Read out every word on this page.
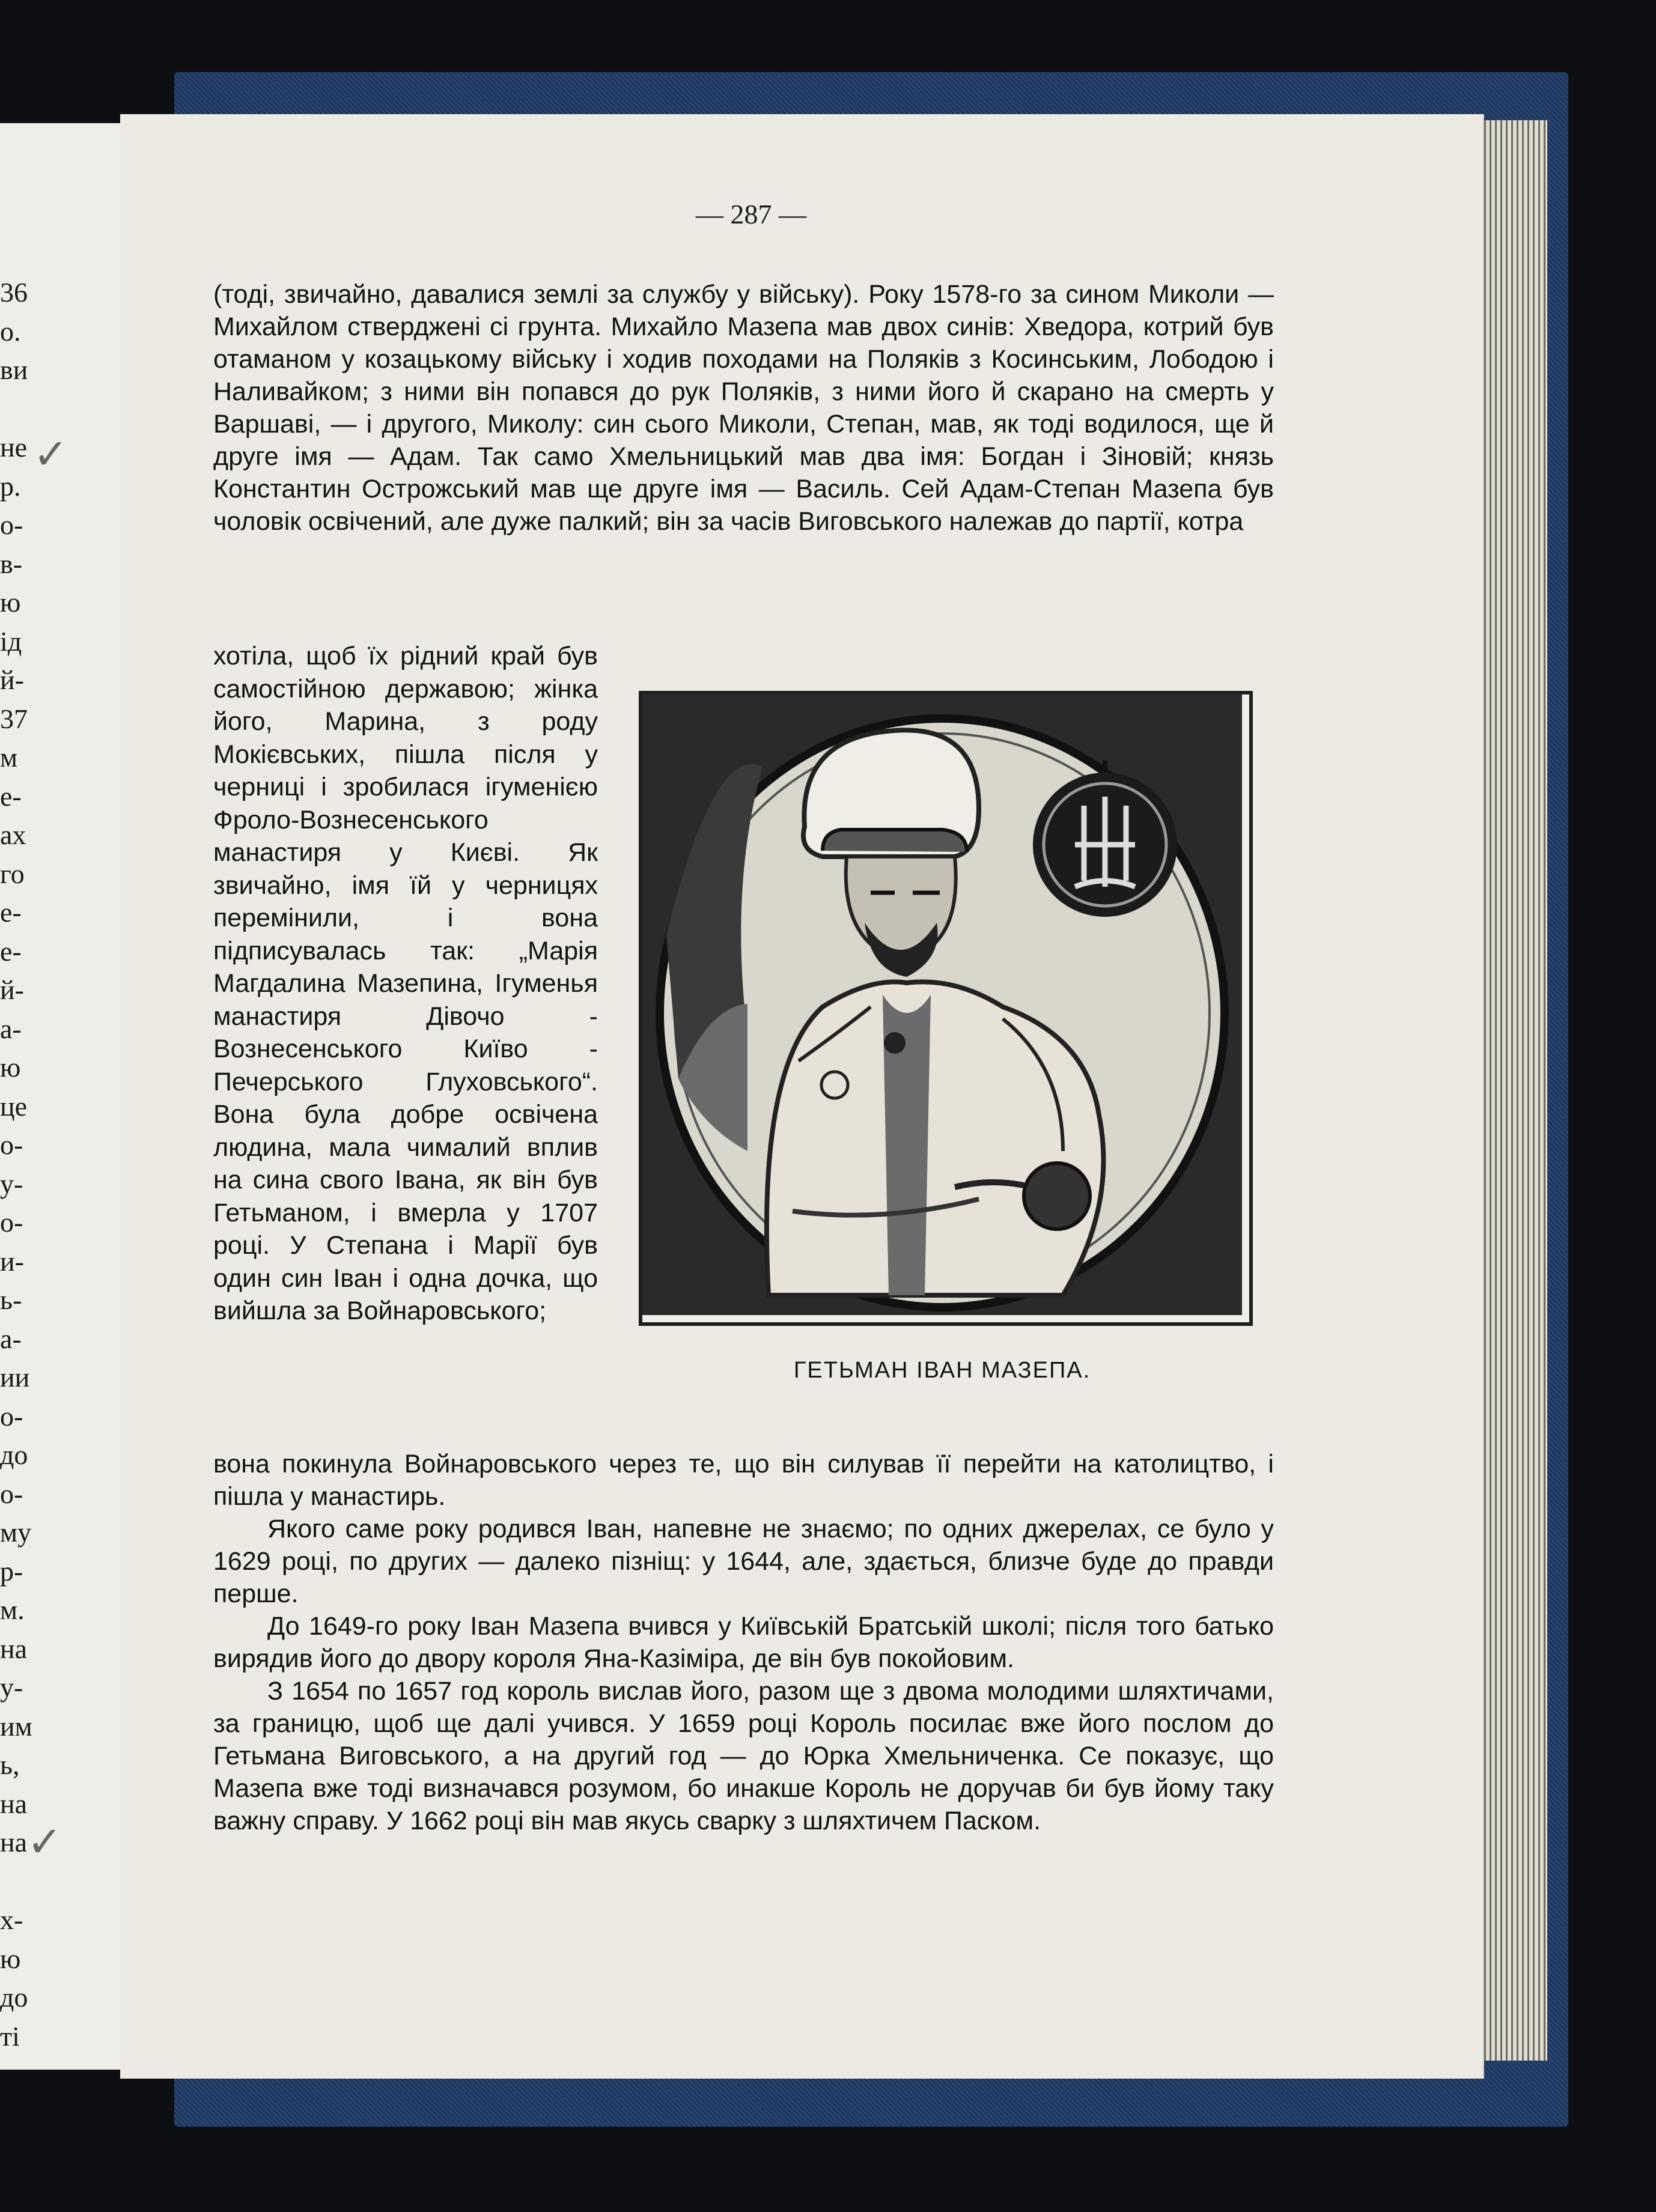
36
о.
ви

не
р.
о-
в-
ю
ід
й-
37
м
е-
ах
го
е-
е-
й-
а-
ю
це
о-
у-
о-
и-
ь-
а-
ии
о-
до
о-
му
р-
м.
на
у-
им
ь,
на
на

х-
ю
до
ті
✓
✓
— 287 —

(тоді, звичайно, давалися землі за службу у війську). Року 1578-го за сином Миколи — Михайлом стверджені сі грунта. Михайло Мазепа мав двох синів: Хведора, котрий був отаманом у козацькому війську і ходив походами на Поляків з Косинським, Лободою і Наливайком; з ними він попався до рук Поляків, з ними його й скарано на смерть у Варшаві, — і другого, Миколу: син сього Миколи, Степан, мав, як тоді водилося, ще й друге імя — Адам. Так само Хмельницький мав два імя: Богдан і Зіновій; князь Константин Острожський мав ще друге імя — Василь. Сей Адам-Степан Мазепа був чоловік освічений, але дуже палкий; він за часів Виговського належав до партії, котра

хотіла, щоб їх рідний край був самостійною державою; жінка його, Марина, з роду Мокієвських, пішла після у черниці і зробилася ігуменією Фроло-Вознесенського манастиря у Києві. Як звичайно, імя їй у черницях перемінили, і вона підписувалась так: „Марія Магдалина Мазепина, Ігуменья манастиря Дівочо - Вознесенського Київо - Печерського Глуховського“. Вона була добре освічена людина, мала чималий вплив на сина свого Івана, як він був Гетьманом, і вмерла у 1707 році. У Степана і Марії був один син Іван і одна дочка, що вийшла за Войнаровського;

ГЕТЬМАН ІВАН МАЗЕПА.

вона покинула Войнаровського через те, що він силував її перейти на католицтво, і пішла у манастирь.

Якого саме року родився Іван, напевне не знаємо; по одних джерелах, се було у 1629 році, по других — далеко пізніщ: у 1644, але, здається, близче буде до правди перше.

До 1649-го року Іван Мазепа вчився у Київській Братській школі; після того батько вирядив його до двору короля Яна-Казіміра, де він був покойовим.

З 1654 по 1657 год король вислав його, разом ще з двома молодими шляхтичами, за границю, щоб ще далі учився. У 1659 році Король посилає вже його послом до Гетьмана Виговського, а на другий год — до Юрка Хмельниченка. Се показує, що Мазепа вже тоді визначався розумом, бо инакше Король не доручав би був йому таку важну справу. У 1662 році він мав якусь сварку з шляхтичем Паском.
